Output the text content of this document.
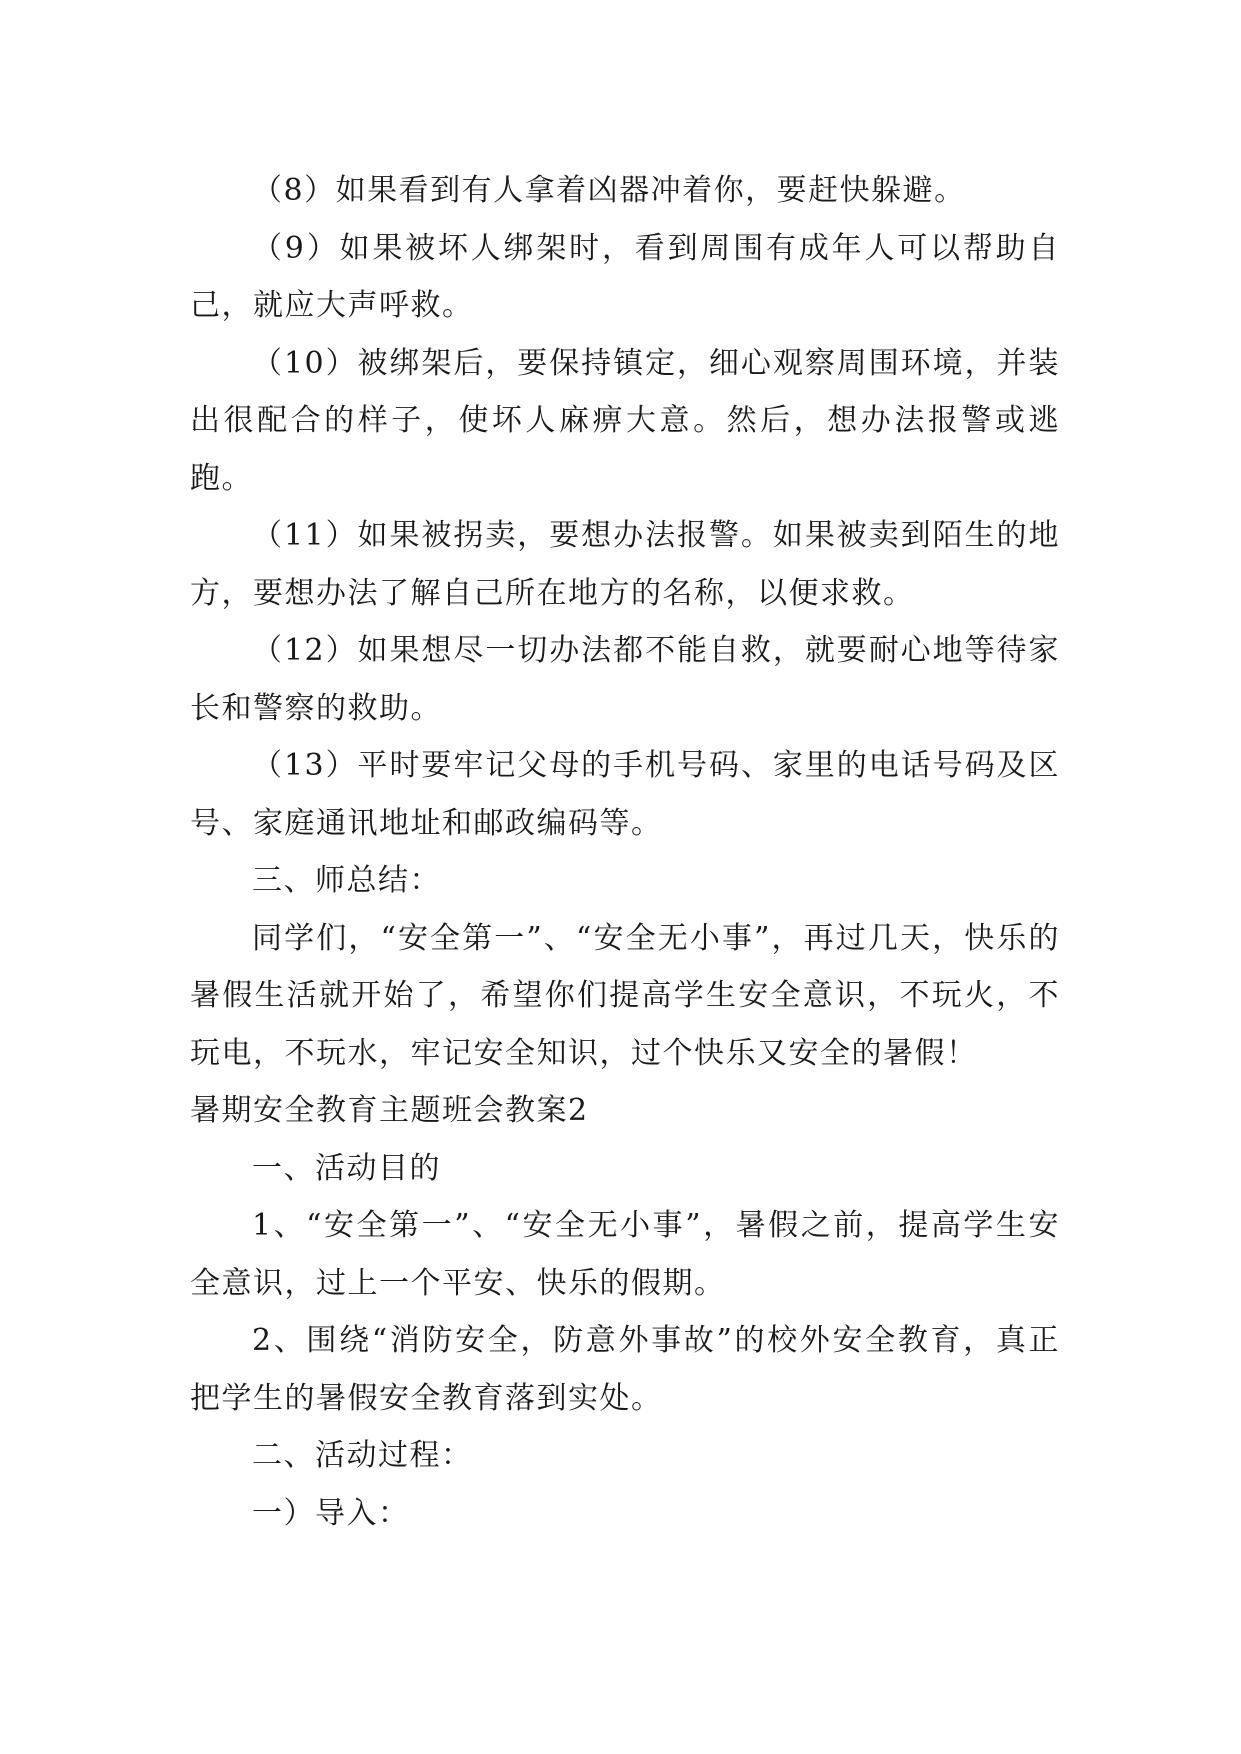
（8）如果看到有人拿着凶器冲着你，要赶快躲避。

（9）如果被坏人绑架时，看到周围有成年人可以帮助自己，就应大声呼救。

（10）被绑架后，要保持镇定，细心观察周围环境，并装出很配合的样子，使坏人麻痹大意。然后，想办法报警或逃跑。

（11）如果被拐卖，要想办法报警。如果被卖到陌生的地方，要想办法了解自己所在地方的名称，以便求救。

（12）如果想尽一切办法都不能自救，就要耐心地等待家长和警察的救助。

（13）平时要牢记父母的手机号码、家里的电话号码及区号、家庭通讯地址和邮政编码等。

三、师总结：

同学们，“安全第一”、“安全无小事”，再过几天，快乐的暑假生活就开始了，希望你们提高学生安全意识，不玩火，不玩电，不玩水，牢记安全知识，过个快乐又安全的暑假！

暑期安全教育主题班会教案2

一、活动目的

1、“安全第一”、“安全无小事”，暑假之前，提高学生安全意识，过上一个平安、快乐的假期。

2、围绕“消防安全，防意外事故”的校外安全教育，真正把学生的暑假安全教育落到实处。

二、活动过程：

一）导入：
